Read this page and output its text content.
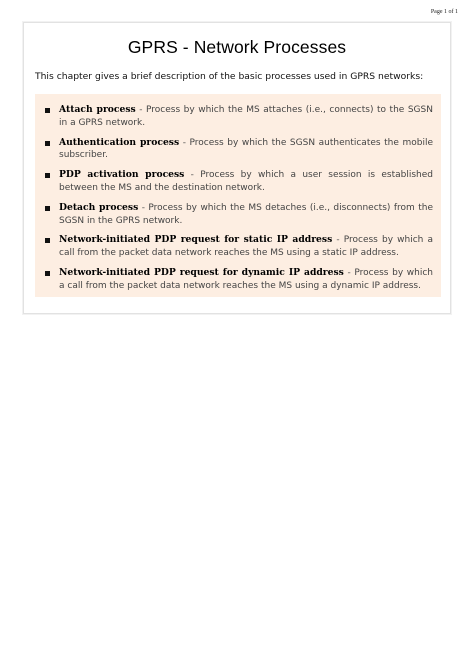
Page 1 of 1
GPRS - Network Processes

This chapter gives a brief description of the basic processes used in GPRS networks:

Attach process - Process by which the MS attaches (i.e., connects) to the SGSN in a GPRS network.
Authentication process - Process by which the SGSN authenticates the mobile subscriber.
PDP activation process - Process by which a user session is established between the MS and the destination network.
Detach process - Process by which the MS detaches (i.e., disconnects) from the SGSN in the GPRS network.
Network-initiated PDP request for static IP address - Process by which a call from the packet data network reaches the MS using a static IP address.
Network-initiated PDP request for dynamic IP address - Process by which a call from the packet data network reaches the MS using a dynamic IP address.
